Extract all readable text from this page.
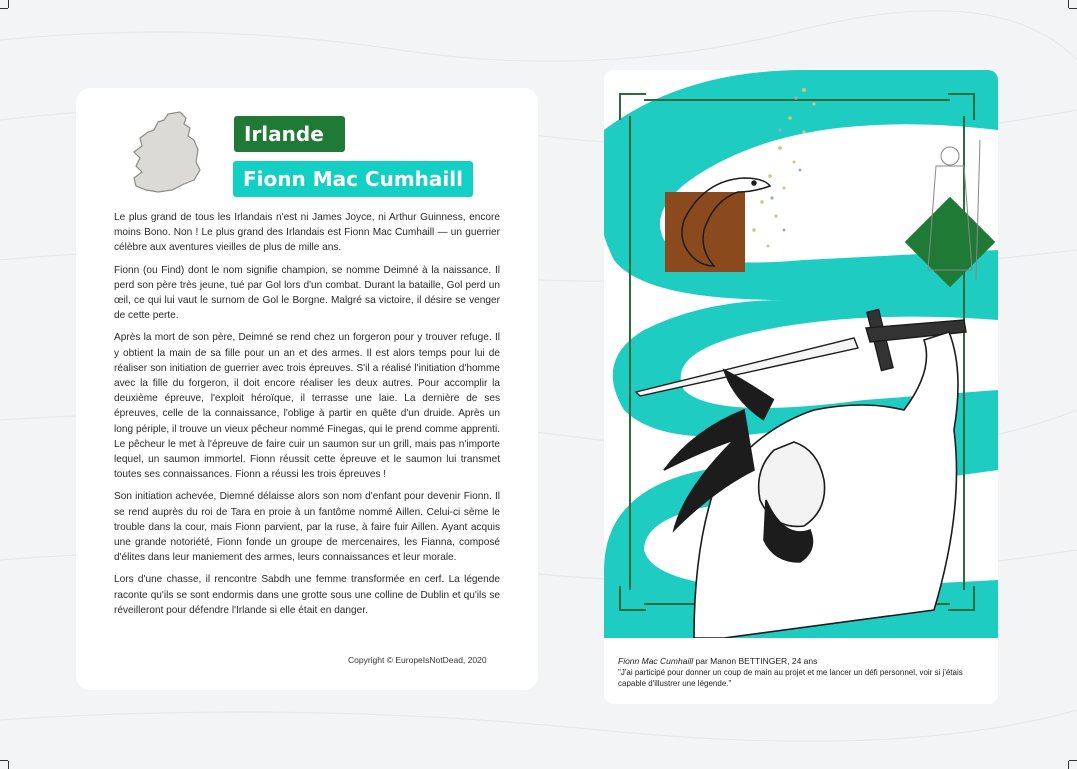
Irlande
Fionn Mac Cumhaill

Le plus grand de tous les Irlandais n'est ni James Joyce, ni Arthur Guinness, encore moins Bono. Non ! Le plus grand des Irlandais est Fionn Mac Cumhaill — un guerrier célèbre aux aventures vieilles de plus de mille ans.

Fionn (ou Find) dont le nom signifie champion, se nomme Deimné à la naissance. Il perd son père très jeune, tué par Gol lors d'un combat. Durant la bataille, Gol perd un œil, ce qui lui vaut le surnom de Gol le Borgne. Malgré sa victoire, il désire se venger de cette perte.

Après la mort de son père, Deimné se rend chez un forgeron pour y trouver refuge. Il y obtient la main de sa fille pour un an et des armes. Il est alors temps pour lui de réaliser son initiation de guerrier avec trois épreuves. S'il a réalisé l'initiation d'homme avec la fille du forgeron, il doit encore réaliser les deux autres. Pour accomplir la deuxième épreuve, l'exploit héroïque, il terrasse une laie. La dernière de ses épreuves, celle de la connaissance, l'oblige à partir en quête d'un druide. Après un long périple, il trouve un vieux pêcheur nommé Finegas, qui le prend comme apprenti. Le pêcheur le met à l'épreuve de faire cuir un saumon sur un grill, mais pas n'importe lequel, un saumon immortel. Fionn réussit cette épreuve et le saumon lui transmet toutes ses connaissances. Fionn a réussi les trois épreuves !

Son initiation achevée, Diemné délaisse alors son nom d'enfant pour devenir Fionn. Il se rend auprès du roi de Tara en proie à un fantôme nommé Aillen. Celui-ci sème le trouble dans la cour, mais Fionn parvient, par la ruse, à faire fuir Aillen. Ayant acquis une grande notoriété, Fionn fonde un groupe de mercenaires, les Fianna, composé d'élites dans leur maniement des armes, leurs connaissances et leur morale.

Lors d'une chasse, il rencontre Sabdh une femme transformée en cerf. La légende raconte qu'ils se sont endormis dans une grotte sous une colline de Dublin et qu'ils se réveilleront pour défendre l'Irlande si elle était en danger.

Copyright © EuropeIsNotDead, 2020	Fionn Mac Cumhaill par Manon BETTINGER, 24 ans
"J'ai participé pour donner un coup de main au projet et me lancer un défi personnel, voir si j'étais capable d'illustrer une légende."
